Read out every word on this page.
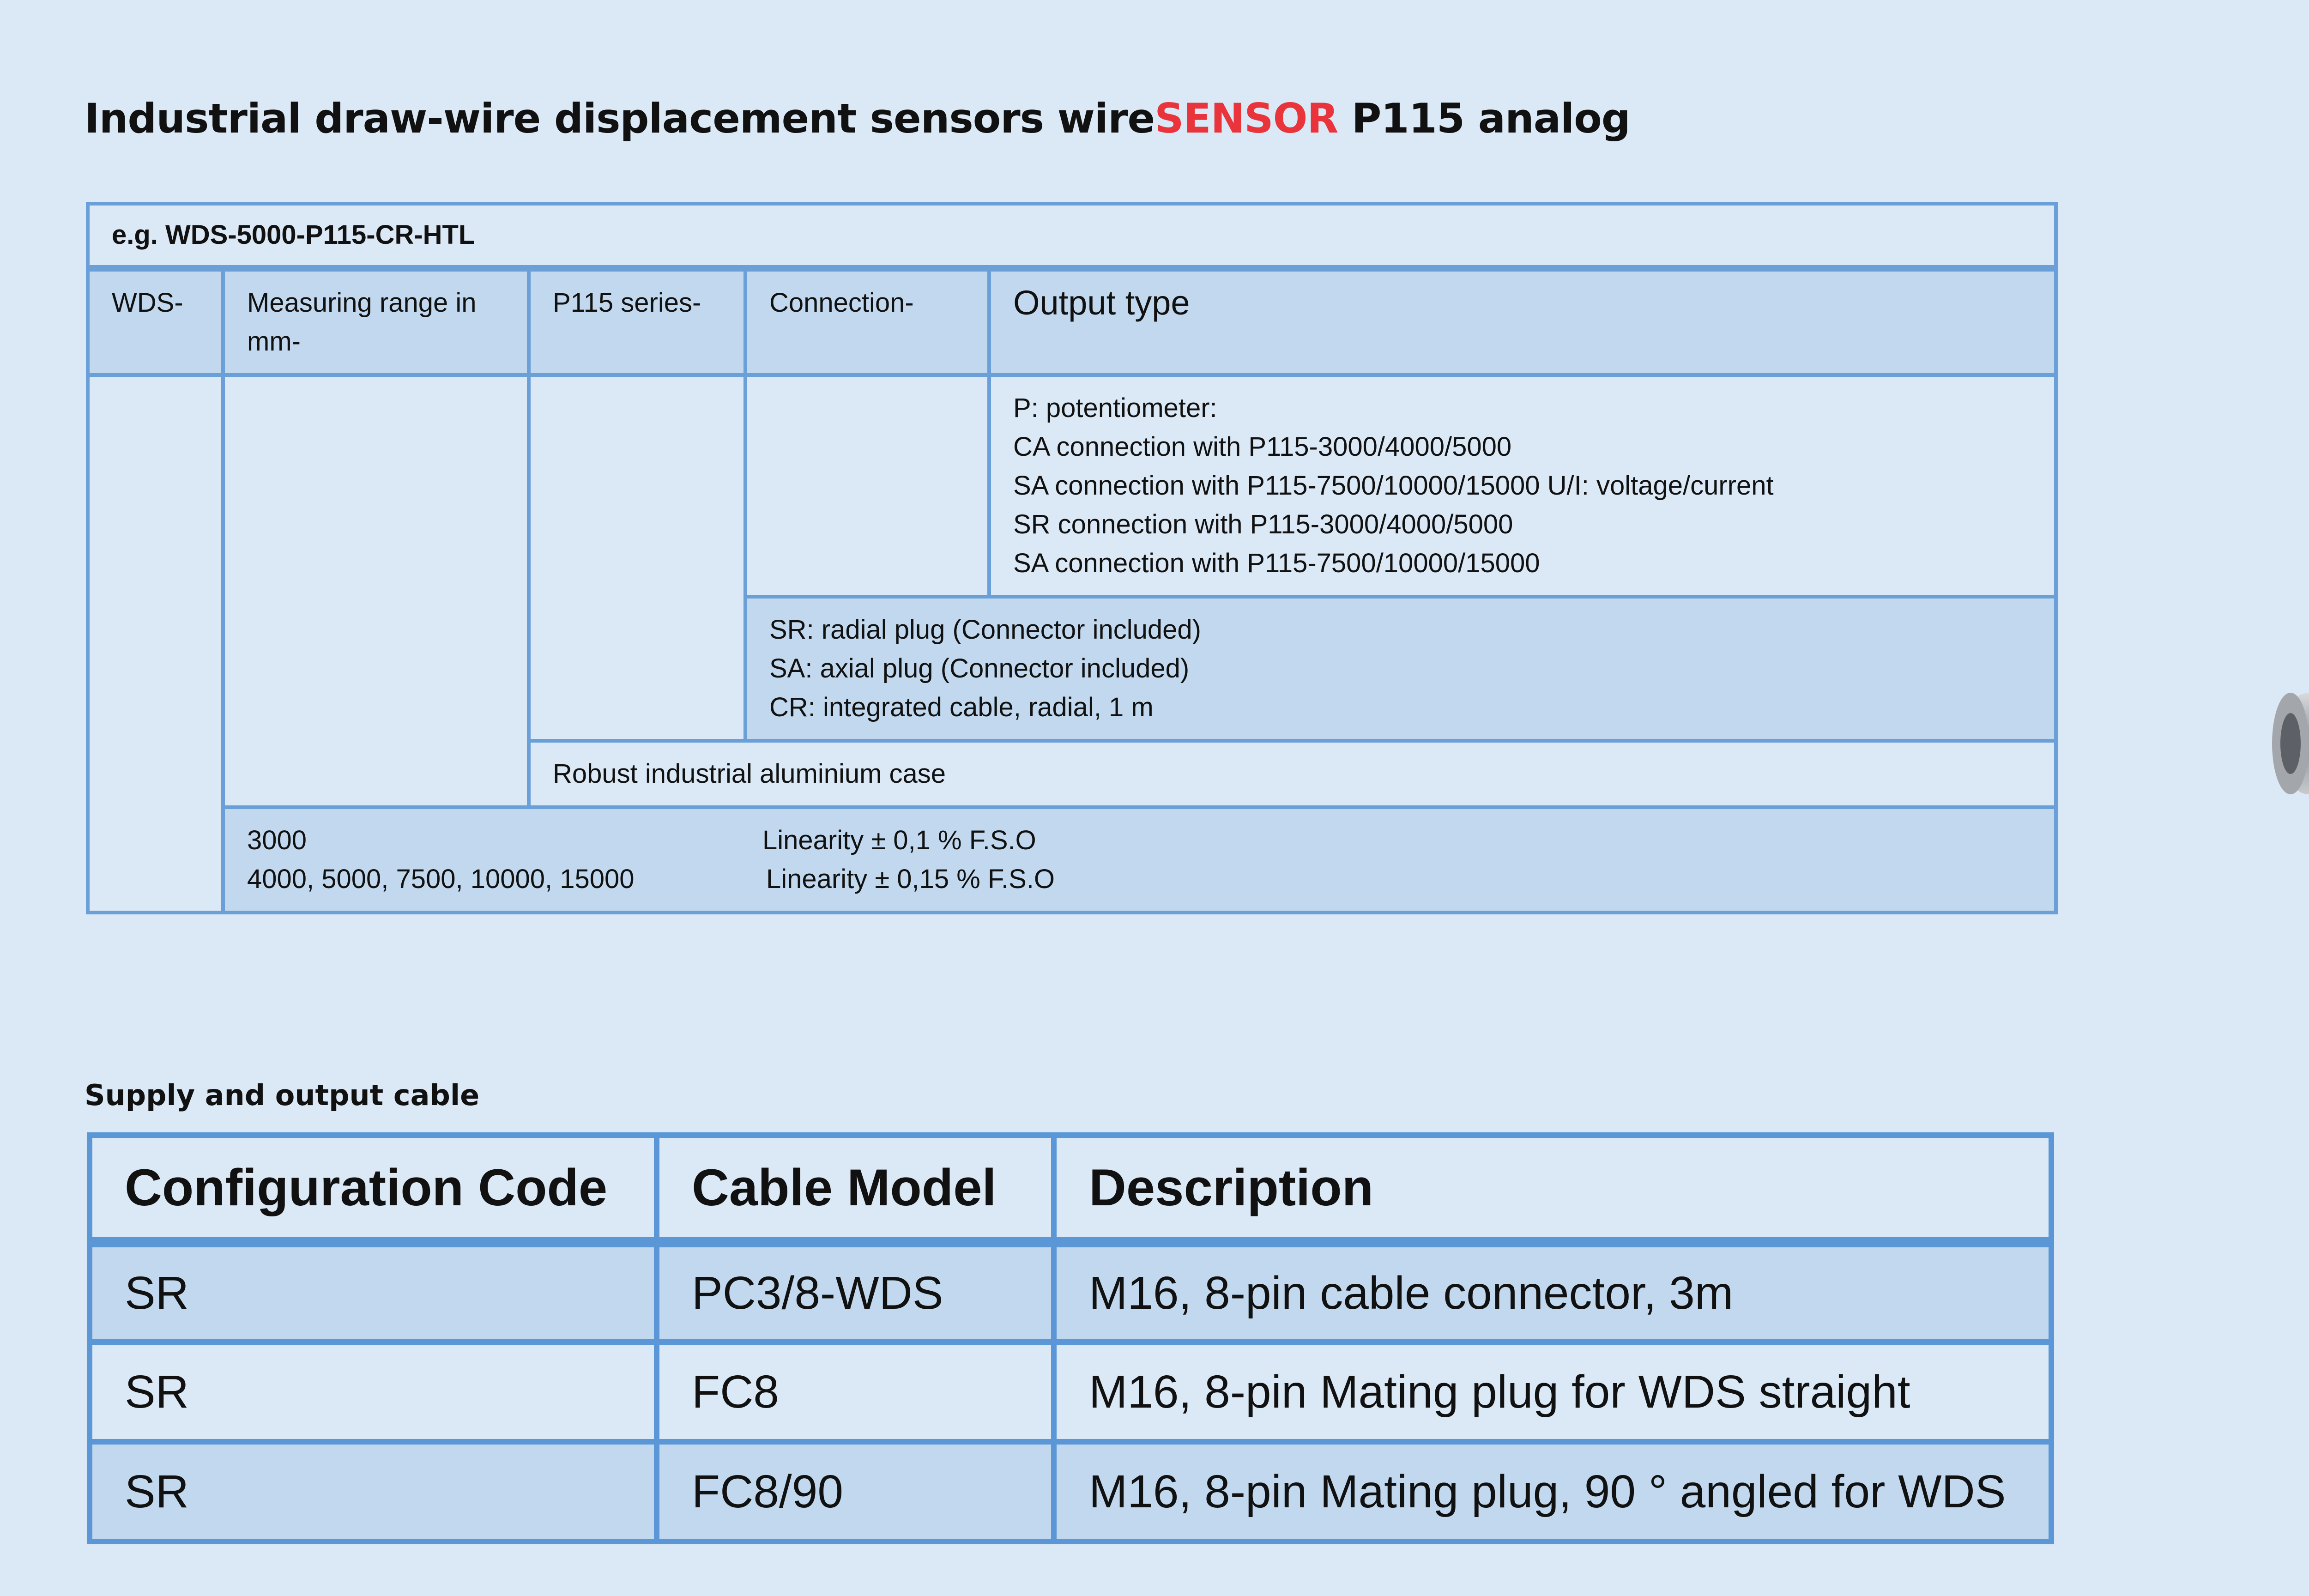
Industrial draw-wire displacement sensors wireSENSOR P115 analog
e.g. WDS-5000-P115-CR-HTL				
WDS-	Measuring range in mm-	P115 series-	Connection-	Output type

				P: potentiometer:
CA connection with P115-3000/4000/5000
SA connection with P115-7500/10000/15000 U/I: voltage/current
SR connection with P115-3000/4000/5000
SA connection with P115-7500/10000/15000

			SR: radial plug (Connector included)
SA: axial plug (Connector included)
CR: integrated cable, radial, 1 m	

		Robust industrial aluminium case		

	3000 Linearity ± 0,1 % F.S.O
4000, 5000, 7500, 10000, 15000 Linearity ± 0,15 % F.S.O			
Supply and output cable
Configuration Code	Cable Model	Description
SR	PC3/8-WDS	M16, 8-pin cable connector, 3m
SR	FC8	M16, 8-pin Mating plug for WDS straight
SR	FC8/90	M16, 8-pin Mating plug, 90 ° angled for WDS
